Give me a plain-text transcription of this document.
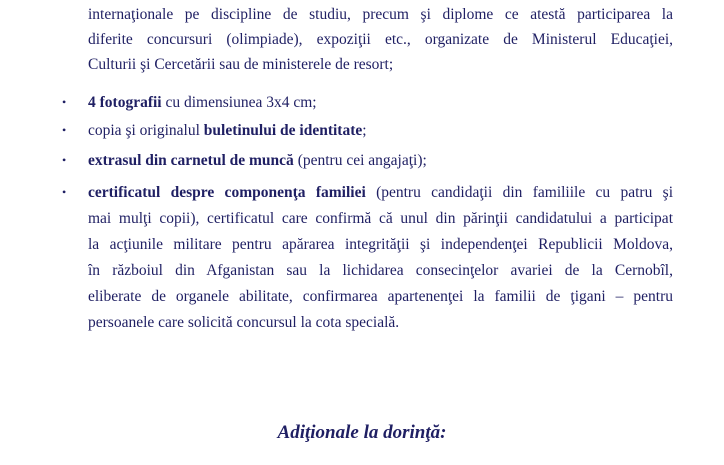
internaţionale pe discipline de studiu, precum şi diplome ce atestă participarea la
diferite concursuri (olimpiade), expoziţii etc., organizate de Ministerul Educaţiei,
Culturii şi Cercetării sau de ministerele de resort;
•	4 fotografii cu dimensiunea 3x4 cm;
•	copia şi originalul buletinului de identitate;
•	extrasul din carnetul de muncă (pentru cei angajaţi);
•	certificatul despre componenţa familiei (pentru candidaţii din familiile cu patru şi
mai mulţi copii), certificatul care confirmă că unul din părinţii candidatului a participat
la acţiunile militare pentru apărarea integrităţii şi independenţei Republicii Moldova,
în războiul din Afganistan sau la lichidarea consecinţelor avariei de la Cernobîl,
eliberate de organele abilitate, confirmarea apartenenţei la familii de ţigani – pentru
persoanele care solicită concursul la cota specială.
Adiţionale la dorinţă:
